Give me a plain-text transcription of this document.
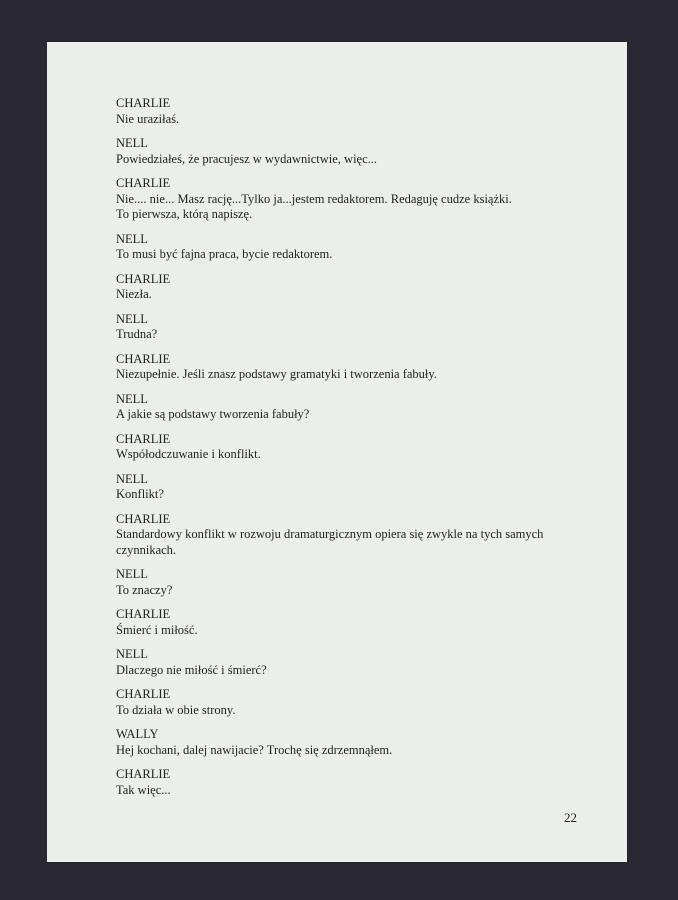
CHARLIE
Nie uraziłaś.
NELL
Powiedziałeś, że pracujesz w wydawnictwie, więc...
CHARLIE
Nie.... nie... Masz rację...Tylko ja...jestem redaktorem. Redaguję cudze książki.
To pierwsza, którą napiszę.
NELL
To musi być fajna praca, bycie redaktorem.
CHARLIE
Niezła.
NELL
Trudna?
CHARLIE
Niezupełnie. Jeśli znasz podstawy gramatyki i tworzenia fabuły.
NELL
A jakie są podstawy tworzenia fabuły?
CHARLIE
Współodczuwanie i konflikt.
NELL
Konflikt?
CHARLIE
Standardowy konflikt w rozwoju dramaturgicznym opiera się zwykle na tych samych
czynnikach.
NELL
To znaczy?
CHARLIE
Śmierć i miłość.
NELL
Dlaczego nie miłość i śmierć?
CHARLIE
To działa w obie strony.
WALLY
Hej kochani, dalej nawijacie? Trochę się zdrzemnąłem.
CHARLIE
Tak więc...
22
